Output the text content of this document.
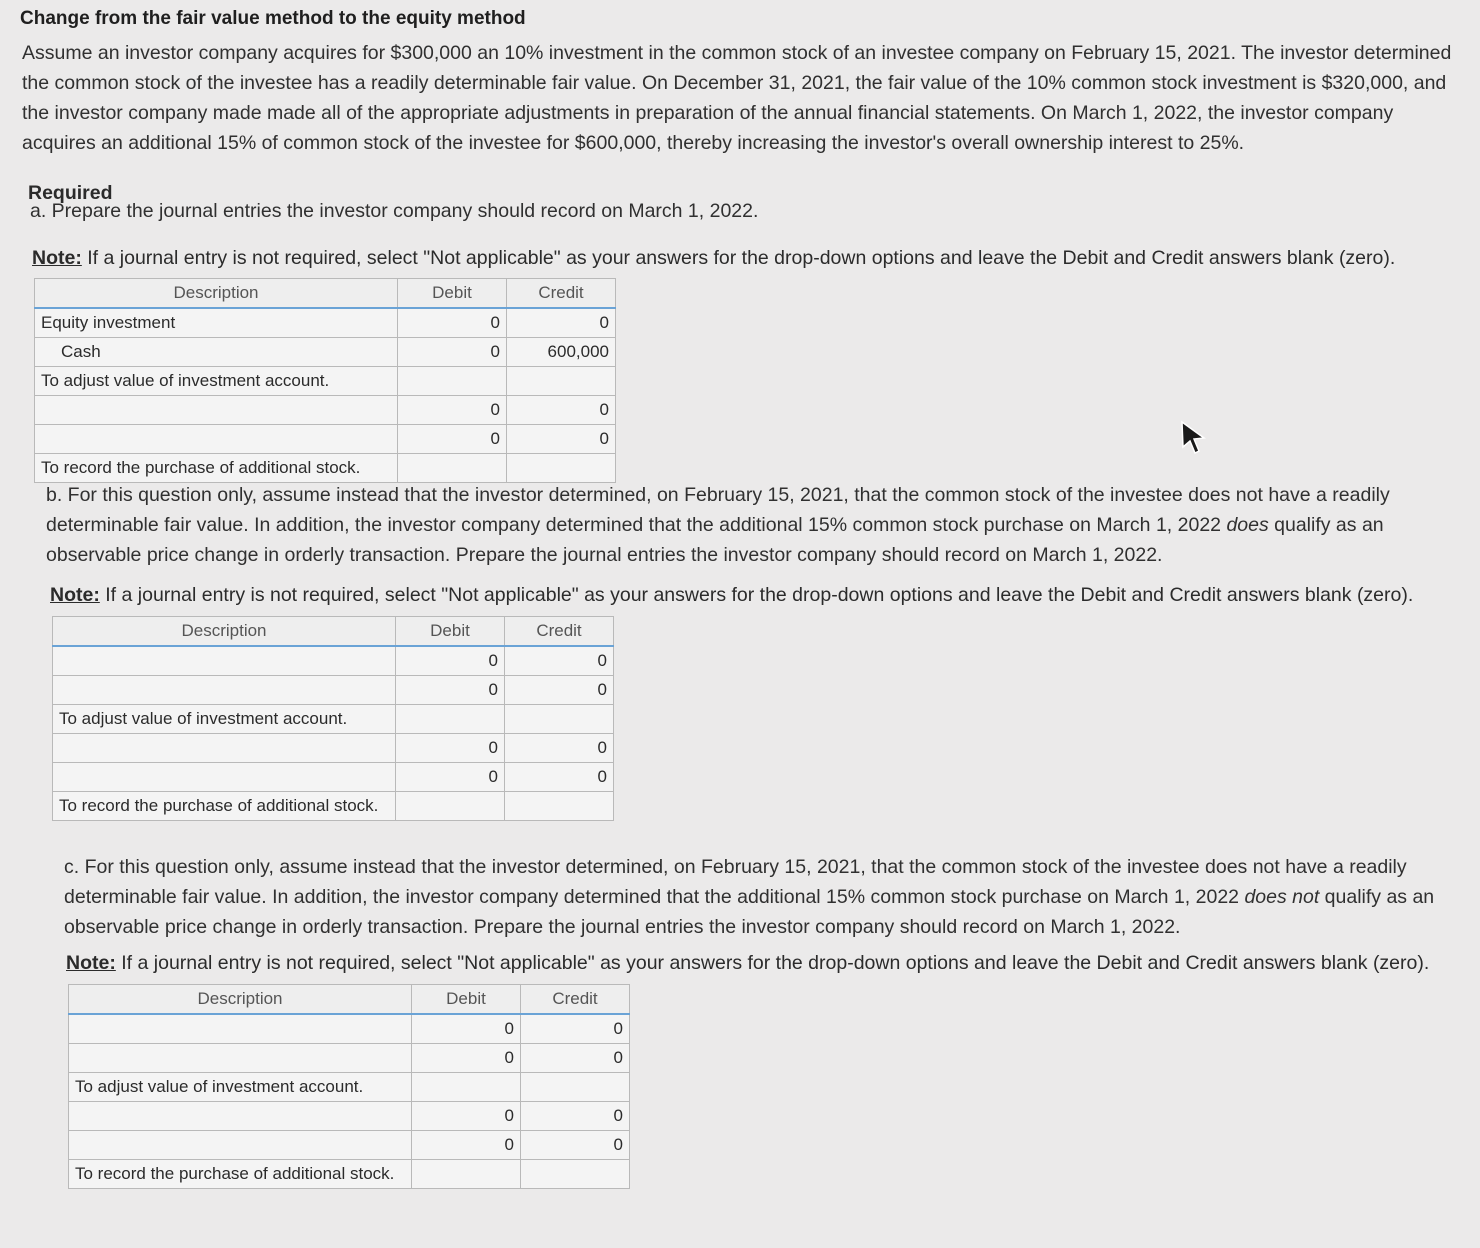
Change from the fair value method to the equity method
Assume an investor company acquires for $300,000 an 10% investment in the common stock of an investee company on February 15, 2021. The investor determined the common stock of the investee has a readily determinable fair value. On December 31, 2021, the fair value of the 10% common stock investment is $320,000, and the investor company made made all of the appropriate adjustments in preparation of the annual financial statements. On March 1, 2022, the investor company acquires an additional 15% of common stock of the investee for $600,000, thereby increasing the investor's overall ownership interest to 25%.
Required
a. Prepare the journal entries the investor company should record on March 1, 2022.
Note: If a journal entry is not required, select "Not applicable" as your answers for the drop-down options and leave the Debit and Credit answers blank (zero).
Description	Debit	Credit
Equity investment	0	0
Cash	0	600,000
To adjust value of investment account.		
	0	0
	0	0
To record the purchase of additional stock.		
b. For this question only, assume instead that the investor determined, on February 15, 2021, that the common stock of the investee does not have a readily determinable fair value. In addition, the investor company determined that the additional 15% common stock purchase on March 1, 2022 does qualify as an observable price change in orderly transaction. Prepare the journal entries the investor company should record on March 1, 2022.
Note: If a journal entry is not required, select "Not applicable" as your answers for the drop-down options and leave the Debit and Credit answers blank (zero).
Description	Debit	Credit
	0	0
	0	0
To adjust value of investment account.		
	0	0
	0	0
To record the purchase of additional stock.		
c. For this question only, assume instead that the investor determined, on February 15, 2021, that the common stock of the investee does not have a readily determinable fair value. In addition, the investor company determined that the additional 15% common stock purchase on March 1, 2022 does not qualify as an observable price change in orderly transaction. Prepare the journal entries the investor company should record on March 1, 2022.
Note: If a journal entry is not required, select "Not applicable" as your answers for the drop-down options and leave the Debit and Credit answers blank (zero).
Description	Debit	Credit
	0	0
	0	0
To adjust value of investment account.		
	0	0
	0	0
To record the purchase of additional stock.		
